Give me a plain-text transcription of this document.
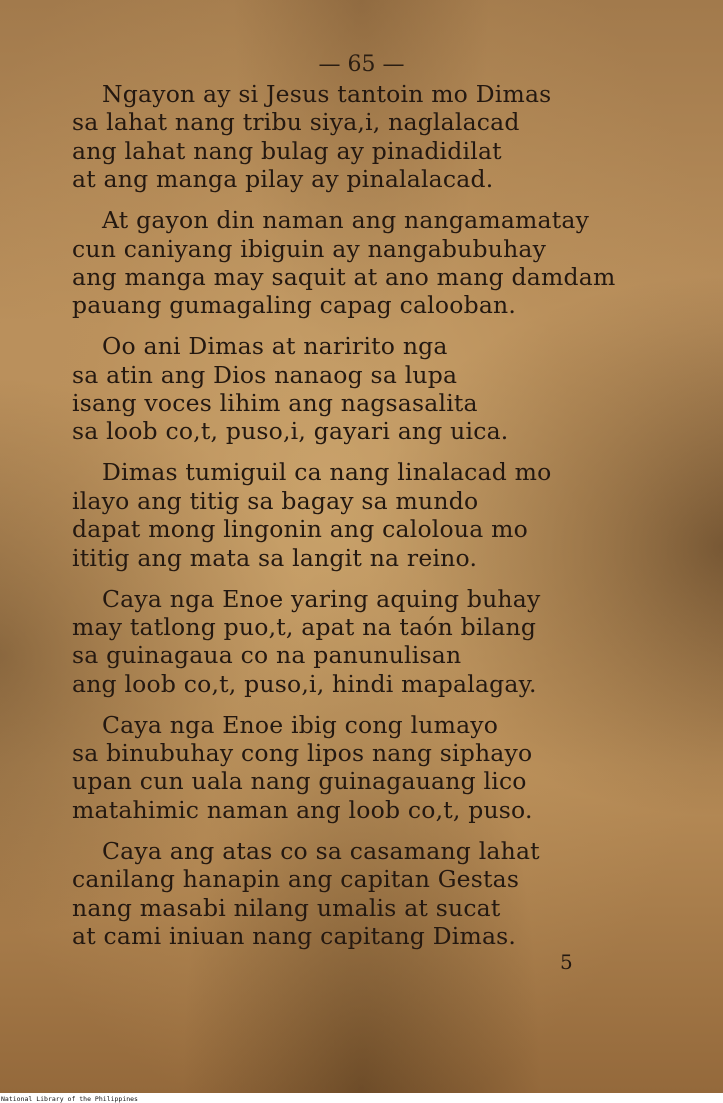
— 65 —
Ngayon ay si Jesus tantoin mo Dimas
sa lahat nang tribu siya,i, naglalacad
ang lahat nang bulag ay pinadidilat
at ang manga pilay ay pinalalacad.
At gayon din naman ang nangamamatay
cun caniyang ibiguin ay nangabubuhay
ang manga may saquit at ano mang damdam
pauang gumagaling capag calooban.
Oo ani Dimas at naririto nga
sa atin ang Dios nanaog sa lupa
isang voces lihim ang nagsasalita
sa loob co,t, puso,i, gayari ang uica.
Dimas tumiguil ca nang linalacad mo
ilayo ang titig sa bagay sa mundo
dapat mong lingonin ang caloloua mo
ititig ang mata sa langit na reino.
Caya nga Enoe yaring aquing buhay
may tatlong puo,t, apat na taón bilang
sa guinagaua co na panunulisan
ang loob co,t, puso,i, hindi mapalagay.
Caya nga Enoe ibig cong lumayo
sa binubuhay cong lipos nang siphayo
upan cun uala nang guinagauang lico
matahimic naman ang loob co,t, puso.
Caya ang atas co sa casamang lahat
canilang hanapin ang capitan Gestas
nang masabi nilang umalis at sucat
at cami iniuan nang capitang Dimas.
5
National Library of the Philippines
